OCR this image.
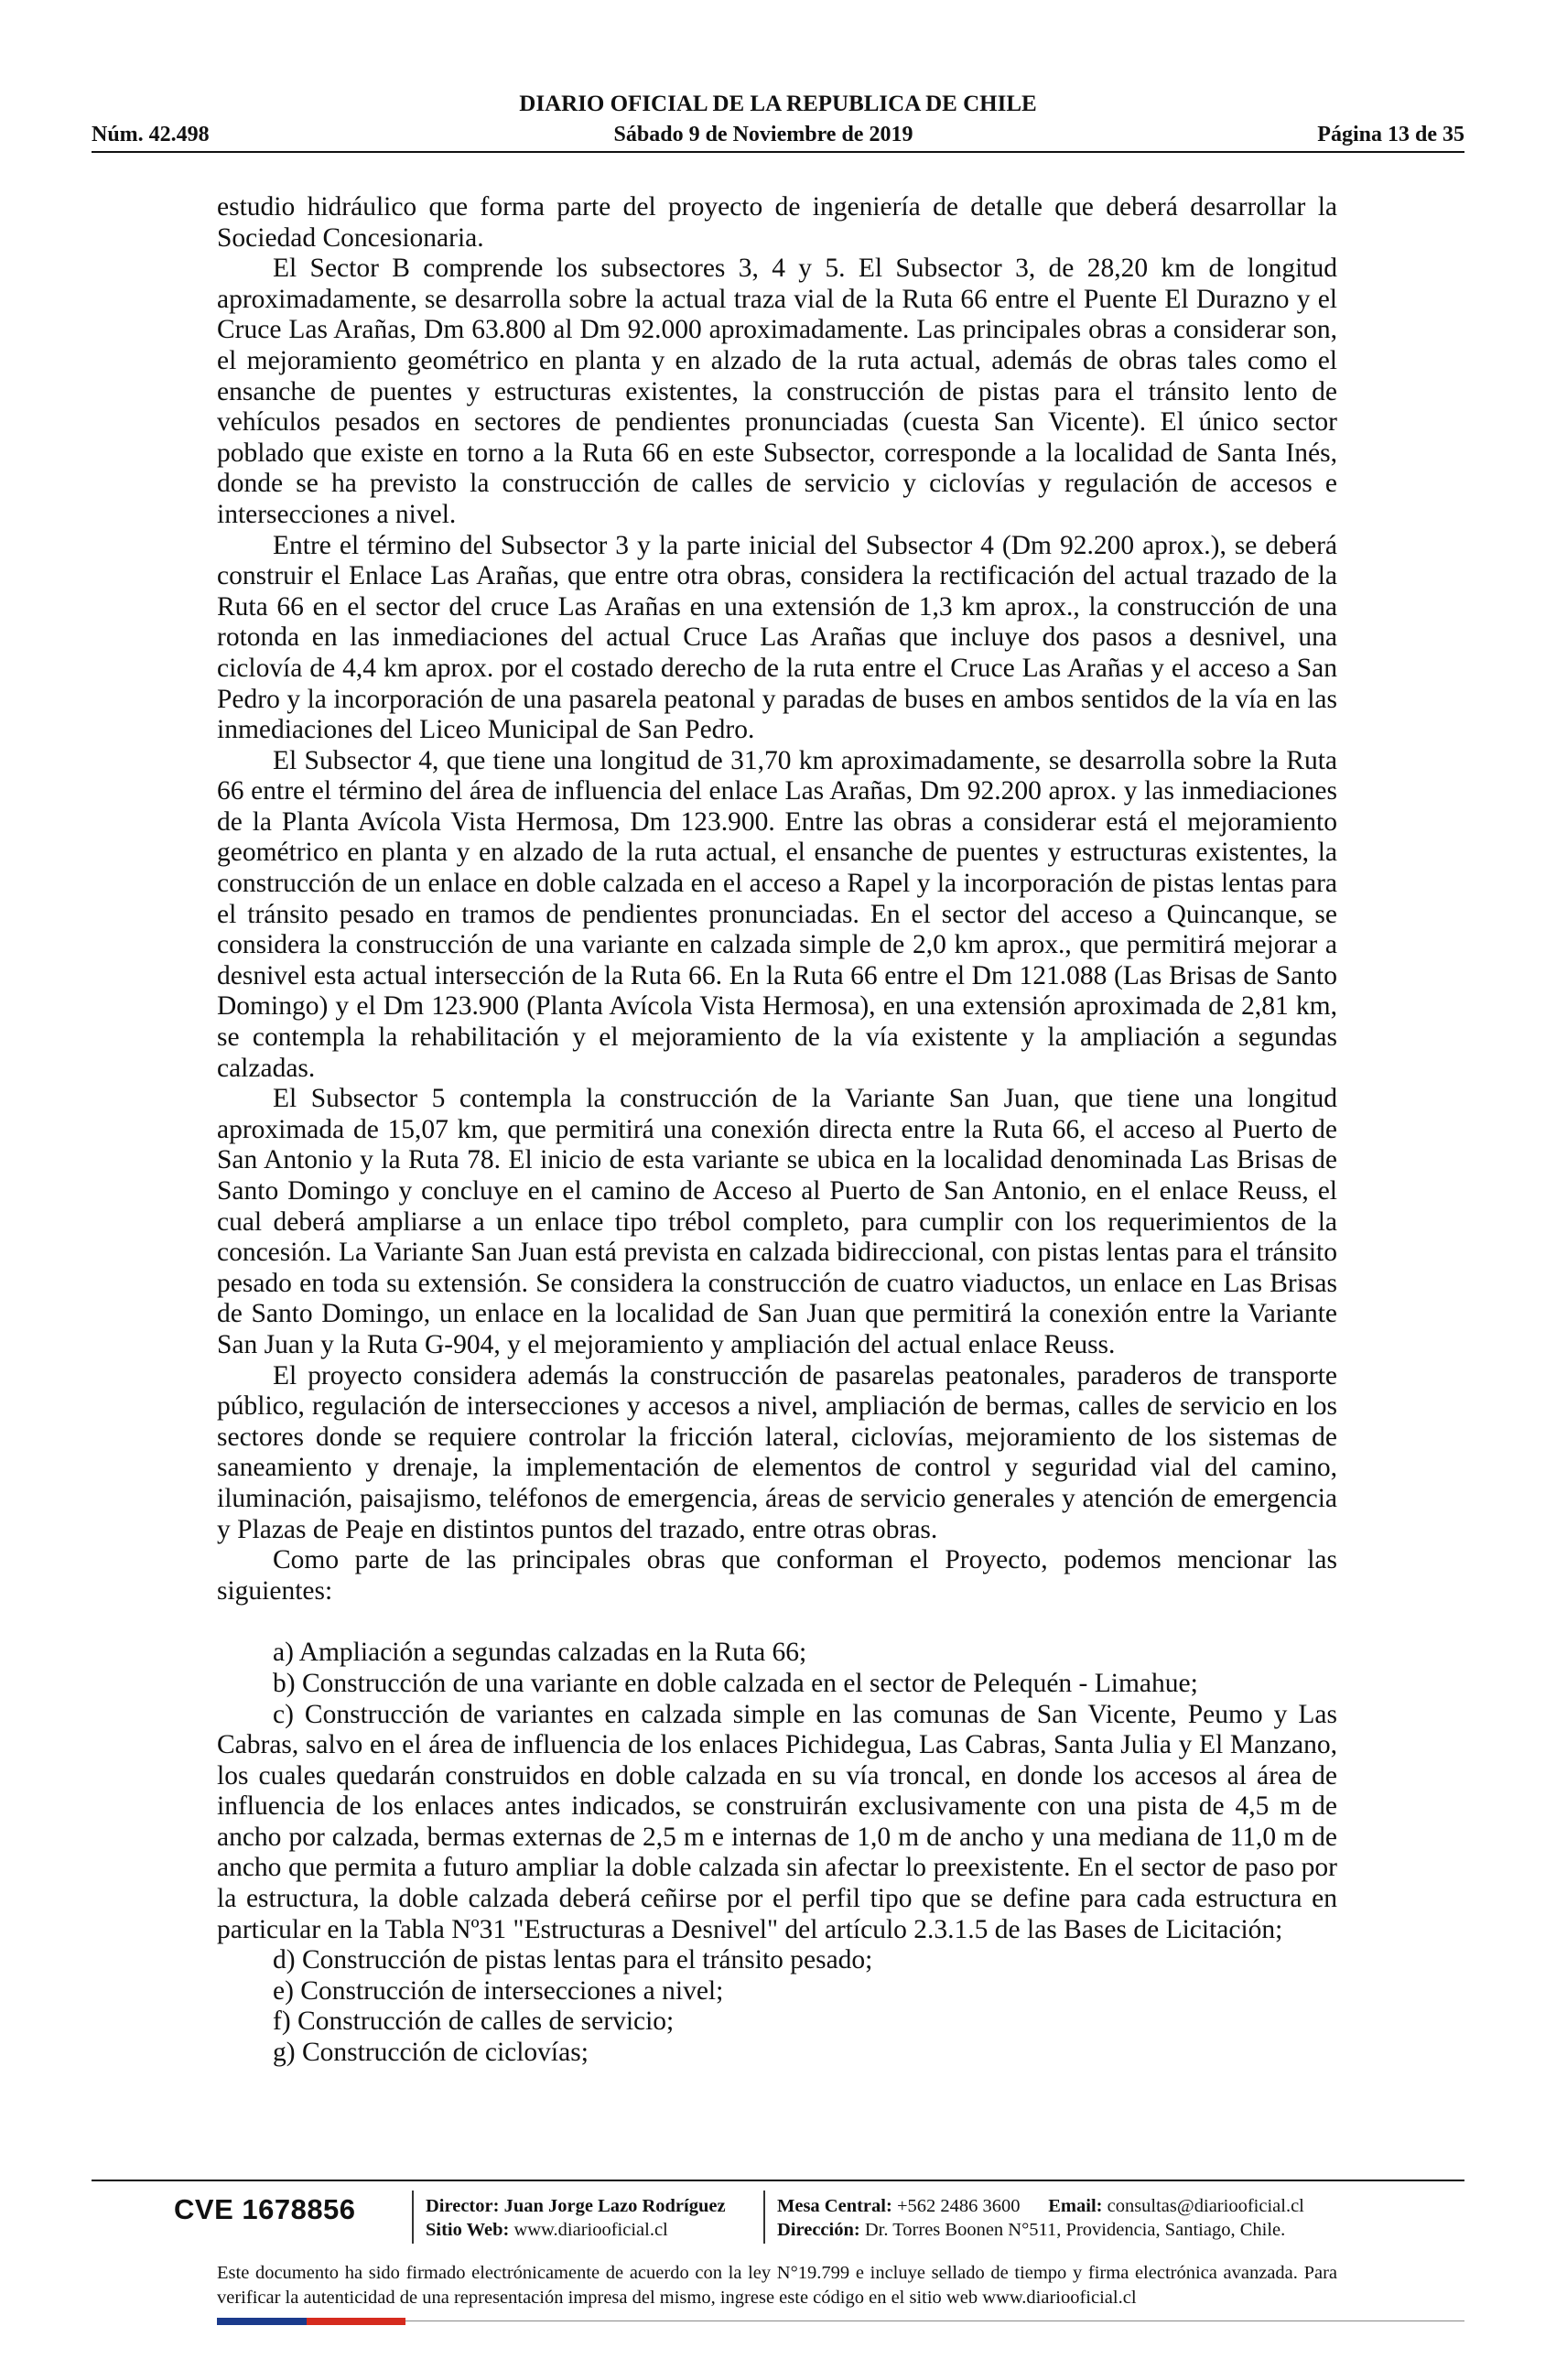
DIARIO OFICIAL DE LA REPUBLICA DE CHILE
Núm. 42.498	Sábado 9 de Noviembre de 2019	Página 13 de 35

estudio hidráulico que forma parte del proyecto de ingeniería de detalle que deberá desarrollar la Sociedad Concesionaria.

El Sector B comprende los subsectores 3, 4 y 5. El Subsector 3, de 28,20 km de longitud aproximadamente, se desarrolla sobre la actual traza vial de la Ruta 66 entre el Puente El Durazno y el Cruce Las Arañas, Dm 63.800 al Dm 92.000 aproximadamente. Las principales obras a considerar son, el mejoramiento geométrico en planta y en alzado de la ruta actual, además de obras tales como el ensanche de puentes y estructuras existentes, la construcción de pistas para el tránsito lento de vehículos pesados en sectores de pendientes pronunciadas (cuesta San Vicente). El único sector poblado que existe en torno a la Ruta 66 en este Subsector, corresponde a la localidad de Santa Inés, donde se ha previsto la construcción de calles de servicio y ciclovías y regulación de accesos e intersecciones a nivel.

Entre el término del Subsector 3 y la parte inicial del Subsector 4 (Dm 92.200 aprox.), se deberá construir el Enlace Las Arañas, que entre otra obras, considera la rectificación del actual trazado de la Ruta 66 en el sector del cruce Las Arañas en una extensión de 1,3 km aprox., la construcción de una rotonda en las inmediaciones del actual Cruce Las Arañas que incluye dos pasos a desnivel, una ciclovía de 4,4 km aprox. por el costado derecho de la ruta entre el Cruce Las Arañas y el acceso a San Pedro y la incorporación de una pasarela peatonal y paradas de buses en ambos sentidos de la vía en las inmediaciones del Liceo Municipal de San Pedro.

El Subsector 4, que tiene una longitud de 31,70 km aproximadamente, se desarrolla sobre la Ruta 66 entre el término del área de influencia del enlace Las Arañas, Dm 92.200 aprox. y las inmediaciones de la Planta Avícola Vista Hermosa, Dm 123.900. Entre las obras a considerar está el mejoramiento geométrico en planta y en alzado de la ruta actual, el ensanche de puentes y estructuras existentes, la construcción de un enlace en doble calzada en el acceso a Rapel y la incorporación de pistas lentas para el tránsito pesado en tramos de pendientes pronunciadas. En el sector del acceso a Quincanque, se considera la construcción de una variante en calzada simple de 2,0 km aprox., que permitirá mejorar a desnivel esta actual intersección de la Ruta 66. En la Ruta 66 entre el Dm 121.088 (Las Brisas de Santo Domingo) y el Dm 123.900 (Planta Avícola Vista Hermosa), en una extensión aproximada de 2,81 km, se contempla la rehabilitación y el mejoramiento de la vía existente y la ampliación a segundas calzadas.

El Subsector 5 contempla la construcción de la Variante San Juan, que tiene una longitud aproximada de 15,07 km, que permitirá una conexión directa entre la Ruta 66, el acceso al Puerto de San Antonio y la Ruta 78. El inicio de esta variante se ubica en la localidad denominada Las Brisas de Santo Domingo y concluye en el camino de Acceso al Puerto de San Antonio, en el enlace Reuss, el cual deberá ampliarse a un enlace tipo trébol completo, para cumplir con los requerimientos de la concesión. La Variante San Juan está prevista en calzada bidireccional, con pistas lentas para el tránsito pesado en toda su extensión. Se considera la construcción de cuatro viaductos, un enlace en Las Brisas de Santo Domingo, un enlace en la localidad de San Juan que permitirá la conexión entre la Variante San Juan y la Ruta G-904, y el mejoramiento y ampliación del actual enlace Reuss.

El proyecto considera además la construcción de pasarelas peatonales, paraderos de transporte público, regulación de intersecciones y accesos a nivel, ampliación de bermas, calles de servicio en los sectores donde se requiere controlar la fricción lateral, ciclovías, mejoramiento de los sistemas de saneamiento y drenaje, la implementación de elementos de control y seguridad vial del camino, iluminación, paisajismo, teléfonos de emergencia, áreas de servicio generales y atención de emergencia y Plazas de Peaje en distintos puntos del trazado, entre otras obras.

Como parte de las principales obras que conforman el Proyecto, podemos mencionar las siguientes:

a) Ampliación a segundas calzadas en la Ruta 66;

b) Construcción de una variante en doble calzada en el sector de Pelequén - Limahue;

c) Construcción de variantes en calzada simple en las comunas de San Vicente, Peumo y Las Cabras, salvo en el área de influencia de los enlaces Pichidegua, Las Cabras, Santa Julia y El Manzano, los cuales quedarán construidos en doble calzada en su vía troncal, en donde los accesos al área de influencia de los enlaces antes indicados, se construirán exclusivamente con una pista de 4,5 m de ancho por calzada, bermas externas de 2,5 m e internas de 1,0 m de ancho y una mediana de 11,0 m de ancho que permita a futuro ampliar la doble calzada sin afectar lo preexistente. En el sector de paso por la estructura, la doble calzada deberá ceñirse por el perfil tipo que se define para cada estructura en particular en la Tabla Nº31 "Estructuras a Desnivel" del artículo 2.3.1.5 de las Bases de Licitación;

d) Construcción de pistas lentas para el tránsito pesado;

e) Construcción de intersecciones a nivel;

f) Construcción de calles de servicio;

g) Construcción de ciclovías;

CVE 1678856	Director: Juan Jorge Lazo Rodríguez
Sitio Web: www.diariooficial.cl
Mesa Central: +562 2486 3600 Email: consultas@diariooficial.cl
Dirección: Dr. Torres Boonen N°511, Providencia, Santiago, Chile.
Este documento ha sido firmado electrónicamente de acuerdo con la ley N°19.799 e incluye sellado de tiempo y firma electrónica avanzada. Para verificar la autenticidad de una representación impresa del mismo, ingrese este código en el sitio web www.diariooficial.cl
